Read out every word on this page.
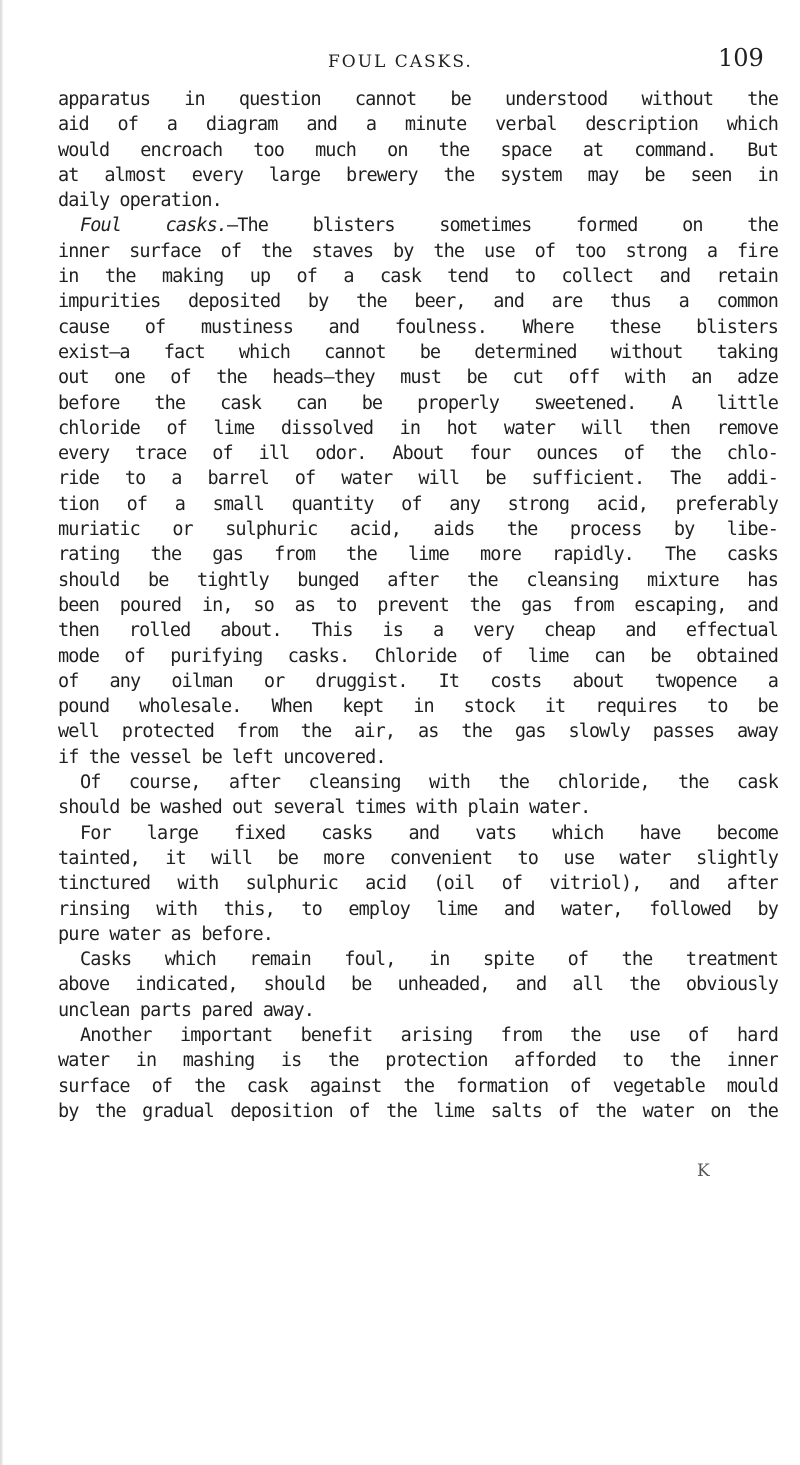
FOUL CASKS.	109
apparatus in question cannot be understood without the
aid of a diagram and a minute verbal description which
would encroach too much on the space at command. But
at almost every large brewery the system may be seen in
daily operation.
Foul casks.—The blisters sometimes formed on the
inner surface of the staves by the use of too strong a fire
in the making up of a cask tend to collect and retain
impurities deposited by the beer, and are thus a common
cause of mustiness and foulness. Where these blisters
exist—a fact which cannot be determined without taking
out one of the heads—they must be cut off with an adze
before the cask can be properly sweetened. A little
chloride of lime dissolved in hot water will then remove
every trace of ill odor. About four ounces of the chlo-
ride to a barrel of water will be sufficient. The addi-
tion of a small quantity of any strong acid, preferably
muriatic or sulphuric acid, aids the process by libe-
rating the gas from the lime more rapidly. The casks
should be tightly bunged after the cleansing mixture has
been poured in, so as to prevent the gas from escaping, and
then rolled about. This is a very cheap and effectual
mode of purifying casks. Chloride of lime can be obtained
of any oilman or druggist. It costs about twopence a
pound wholesale. When kept in stock it requires to be
well protected from the air, as the gas slowly passes away
if the vessel be left uncovered.
Of course, after cleansing with the chloride, the cask
should be washed out several times with plain water.
For large fixed casks and vats which have become
tainted, it will be more convenient to use water slightly
tinctured with sulphuric acid (oil of vitriol), and after
rinsing with this, to employ lime and water, followed by
pure water as before.
Casks which remain foul, in spite of the treatment
above indicated, should be unheaded, and all the obviously
unclean parts pared away.
Another important benefit arising from the use of hard
water in mashing is the protection afforded to the inner
surface of the cask against the formation of vegetable mould
by the gradual deposition of the lime salts of the water on the
K
